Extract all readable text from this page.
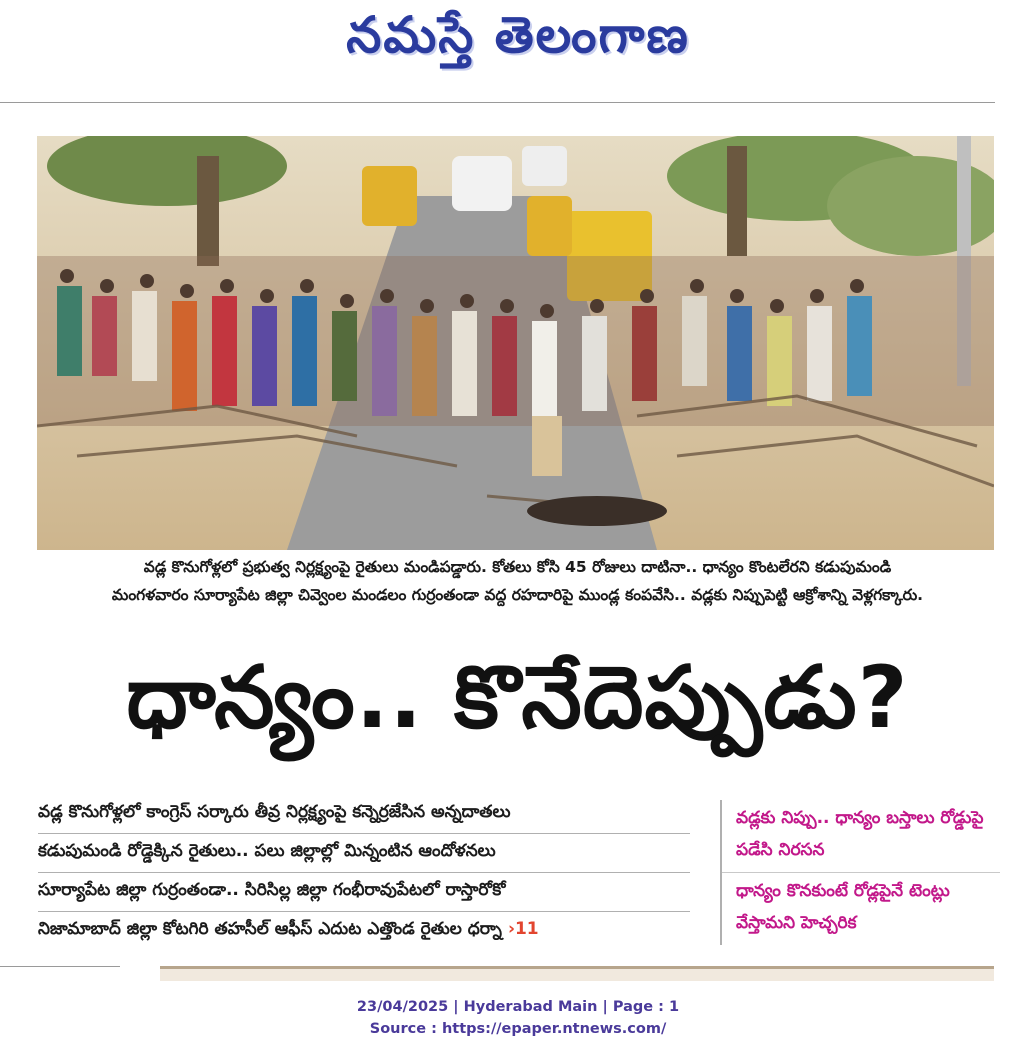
నమస్తే తెలంగాణ
వడ్ల కొనుగోళ్లలో ప్రభుత్వ నిర్లక్ష్యంపై రైతులు మండిపడ్డారు. కోతలు కోసి 45 రోజులు దాటినా.. ధాన్యం కొంటలేరని కడుపుమండి
మంగళవారం సూర్యాపేట జిల్లా చివ్వెంల మండలం గుర్రంతండా వద్ద రహదారిపై ముండ్ల కంపవేసి.. వడ్లకు నిప్పుపెట్టి ఆక్రోశాన్ని వెళ్లగక్కారు.
ధాన్యం.. కొనేదెప్పుడు?
వడ్ల కొనుగోళ్లలో కాంగ్రెస్ సర్కారు తీవ్ర నిర్లక్ష్యంపై కన్నెర్రజేసిన అన్నదాతలు
కడుపుమండి రోడ్డెక్కిన రైతులు.. పలు జిల్లాల్లో మిన్నంటిన ఆందోళనలు
సూర్యాపేట జిల్లా గుర్రంతండా.. సిరిసిల్ల జిల్లా గంభీరావుపేటలో రాస్తారోకో
నిజామాబాద్ జిల్లా కోటగిరి తహసీల్ ఆఫీస్ ఎదుట ఎత్తొండ రైతుల ధర్నా ›11
వడ్లకు నిప్పు.. ధాన్యం బస్తాలు రోడ్డుపై పడేసి నిరసన
ధాన్యం కొనకుంటే రోడ్లపైనే టెంట్లు వేస్తామని హెచ్చరిక
23/04/2025 | Hyderabad Main | Page : 1
Source : https://epaper.ntnews.com/
